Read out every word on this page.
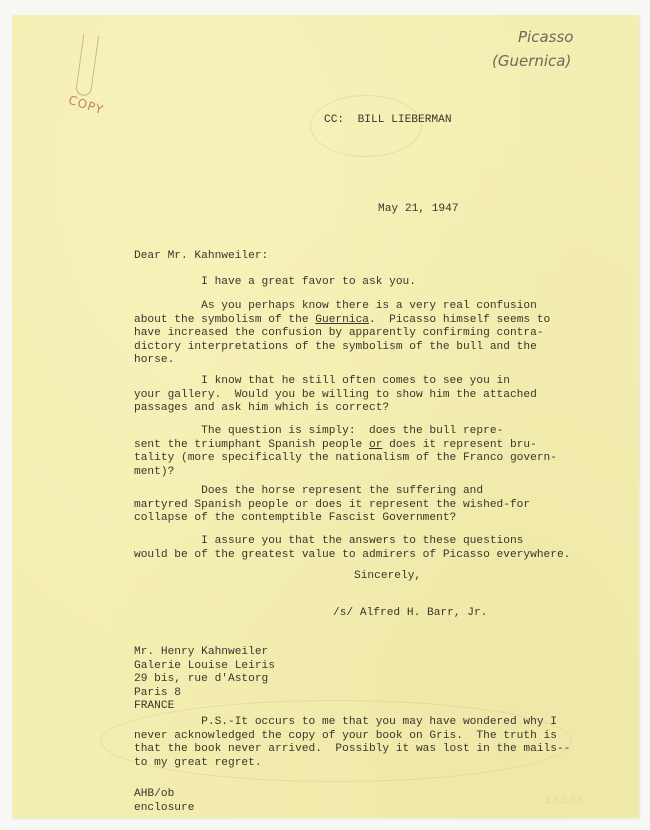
Picasso
(Guernica)
COPY
CC:  BILL LIEBERMAN
May 21, 1947
Dear Mr. Kahnweiler:
I have a great favor to ask you.
As you perhaps know there is a very real confusion
about the symbolism of the Guernica.  Picasso himself seems to
have increased the confusion by apparently confirming contra-
dictory interpretations of the symbolism of the bull and the
horse.
I know that he still often comes to see you in
your gallery.  Would you be willing to show him the attached
passages and ask him which is correct?
The question is simply:  does the bull repre-
sent the triumphant Spanish people or does it represent bru-
tality (more specifically the nationalism of the Franco govern-
ment)?
Does the horse represent the suffering and
martyred Spanish people or does it represent the wished-for
collapse of the contemptible Fascist Government?
I assure you that the answers to these questions
would be of the greatest value to admirers of Picasso everywhere.
Sincerely,
/s/ Alfred H. Barr, Jr.
Mr. Henry Kahnweiler
Galerie Louise Leiris
29 bis, rue d'Astorg
Paris 8
FRANCE
P.S.-It occurs to me that you may have wondered why I
never acknowledged the copy of your book on Gris.  The truth is
that the book never arrived.  Possibly it was lost in the mails--
to my great regret.
AHB/ob
enclosure
1.3.3.4.6
